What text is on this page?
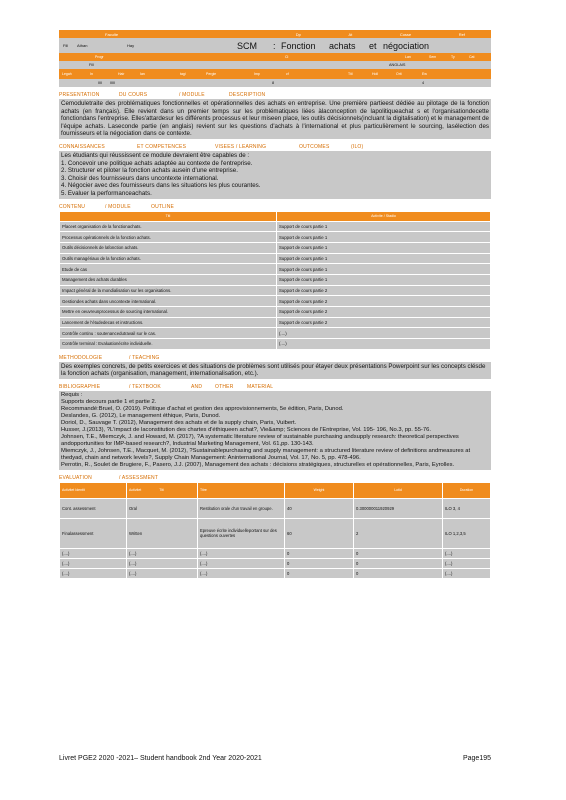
Faculte	Dp	At	Cosse	Ref
Fill	Athan	Hay	SCM	: Fonction	achats	et négociation
Progr	Cl	Lan	Sem	Ty	Cat
Fill	ANGLAIS
Legah	In	Hair	Ian	tagi	Pergie	Imp	cf	Titl	Holl	Orit	Ew
IIII	IIIII	8	4
PRESENTATION	DU COURS	/ MODULE	DESCRIPTION
Cemoduletraite des problématiques fonctionnelles et opérationnelles des achats en entreprise. Une première partieest dédiée au pilotage de la fonction achats (en français). Elle revient dans un premier temps sur les problématiques liées àlaconception de lapolitiqueachat s et l'organisationdecette fonctiondans l'entreprise. Elles'attardesur les différents processus et leur miseen place, les outils décisionnels(incluant la digitalisation) et le management de l'équipe achats. Laseconde partie (en anglais) revient sur les questions d'achats à l'international et plus particulièrement le sourcing, lasélection des fournisseurs et la négociation dans ce contexte.
CONNAISSANCES	ET COMPETENCES	VISEES / LEARNING	OUTCOMES	(ILO)
Les étudiants qui réussissent ce module devraient être capables de :
1. Concevoir une politique achats adaptée au contexte de l'entreprise.
2. Structurer et piloter la fonction achats ausein d'une entreprise.
3. Choisir des fournisseurs dans uncontexte international.
4. Négocier avec des fournisseurs dans les situations les plus courantes.
5. Evaluer la performanceachats.
CONTENU	/ MODULE	OUTLINE
Titl	Activite / Stadio
Placeet organisation de la fonctionachats.	Support de cours partie 1
Processus opérationnels de la fonction achats.	Support de cours partie 1
Outils décisionnels de lafonction achats.	Support de cours partie 1
Outils managériaux de la fonction achats.	Support de cours partie 1
Etude de cas	Support de cours partie 1
Management des achats durables	Support de cours partie 1
Impact général de la mondialisation sur les organisations.	Support de cours partie 2
Gestiondes achats dans uncontexte international.	Support de cours partie 2
Mettre en oeuvreunprocessus de sourcing international.	Support de cours partie 2
Lancement de l'étudedecas et instructions.	Support de cours partie 2
Contrôle continu : soutenancedutravail sur le cas.	(....)
Contrôle terminal : Evaluationécrite individuelle.	(....)
METHODOLOGIE	/ TEACHING
Des exemples concrets, de petits exercices et des situations de problèmes sont utilisés pour étayer deux présentations Powerpoint sur les concepts clésde la fonction achats (organisation, management, internationalisation, etc.).
BIBLIOGRAPHIE	/ TEXTBOOK	AND	OTHER	MATERIAL
Requis :
Supports decours partie 1 et partie 2.
Recommandé:Bruel, O. (2019). Politique d'achat et gestion des approvisionnements, 5e édition, Paris, Dunod.
Deslandes, G. (2012), Le management éthique, Paris, Dunod.
Doriol, D., Sauvage T. (2012), Management des achats et de la supply chain, Paris, Vuibert.
Husser, J.(2013), ?L'impact de laconstitution des chartes d'éthiqueen achat?, Vie&amp; Sciences de l'Entreprise, Vol. 195- 196, No.3, pp. 55-76.
Johnsen, T.E., Miemczyk, J. and Howard, M. (2017), ?A systematic literature review of sustainable purchasing andsupply research: theoretical perspectives andopportunities for IMP-based research?, Industrial Marketing Management, Vol. 61,pp. 130-143.
Miemczyk, J., Johnsen, T.E., Macquet, M. (2012), ?Sustainablepurchasing and supply management: a structured literature review of definitions andmeasures at thedyad, chain and network levels?, Supply Chain Management: Aninternational Journal, Vol. 17, No. 5, pp. 478-496.
Perrotin, R., Soulet de Brugiere, F., Pasero, J.J. (2007), Management des achats : décisions stratégiques, structurelles et opérationnelles, Paris, Eyrolles.
EVALUATION	/ ASSESSMENT
Activitet Identit	Activitet Titi	Titre	Weight	Lotid	Duration
Cont. assessment	Oral	Restitution orale d'un travail en groupe.	40	0.300000011920929	ILO 3, 4
Finalassessment	Written	Epreuve écrite individuelleportant sur des questions ouvertes	60	2	ILO 1,2,3,5
(....)	(....)	(....)	0	0	(....)
(....)	(....)	(....)	0	0	(....)
(....)	(....)	(....)	0	0	(....)
Livret PGE2 2020 -2021– Student handbook 2nd Year 2020-2021	Page195
